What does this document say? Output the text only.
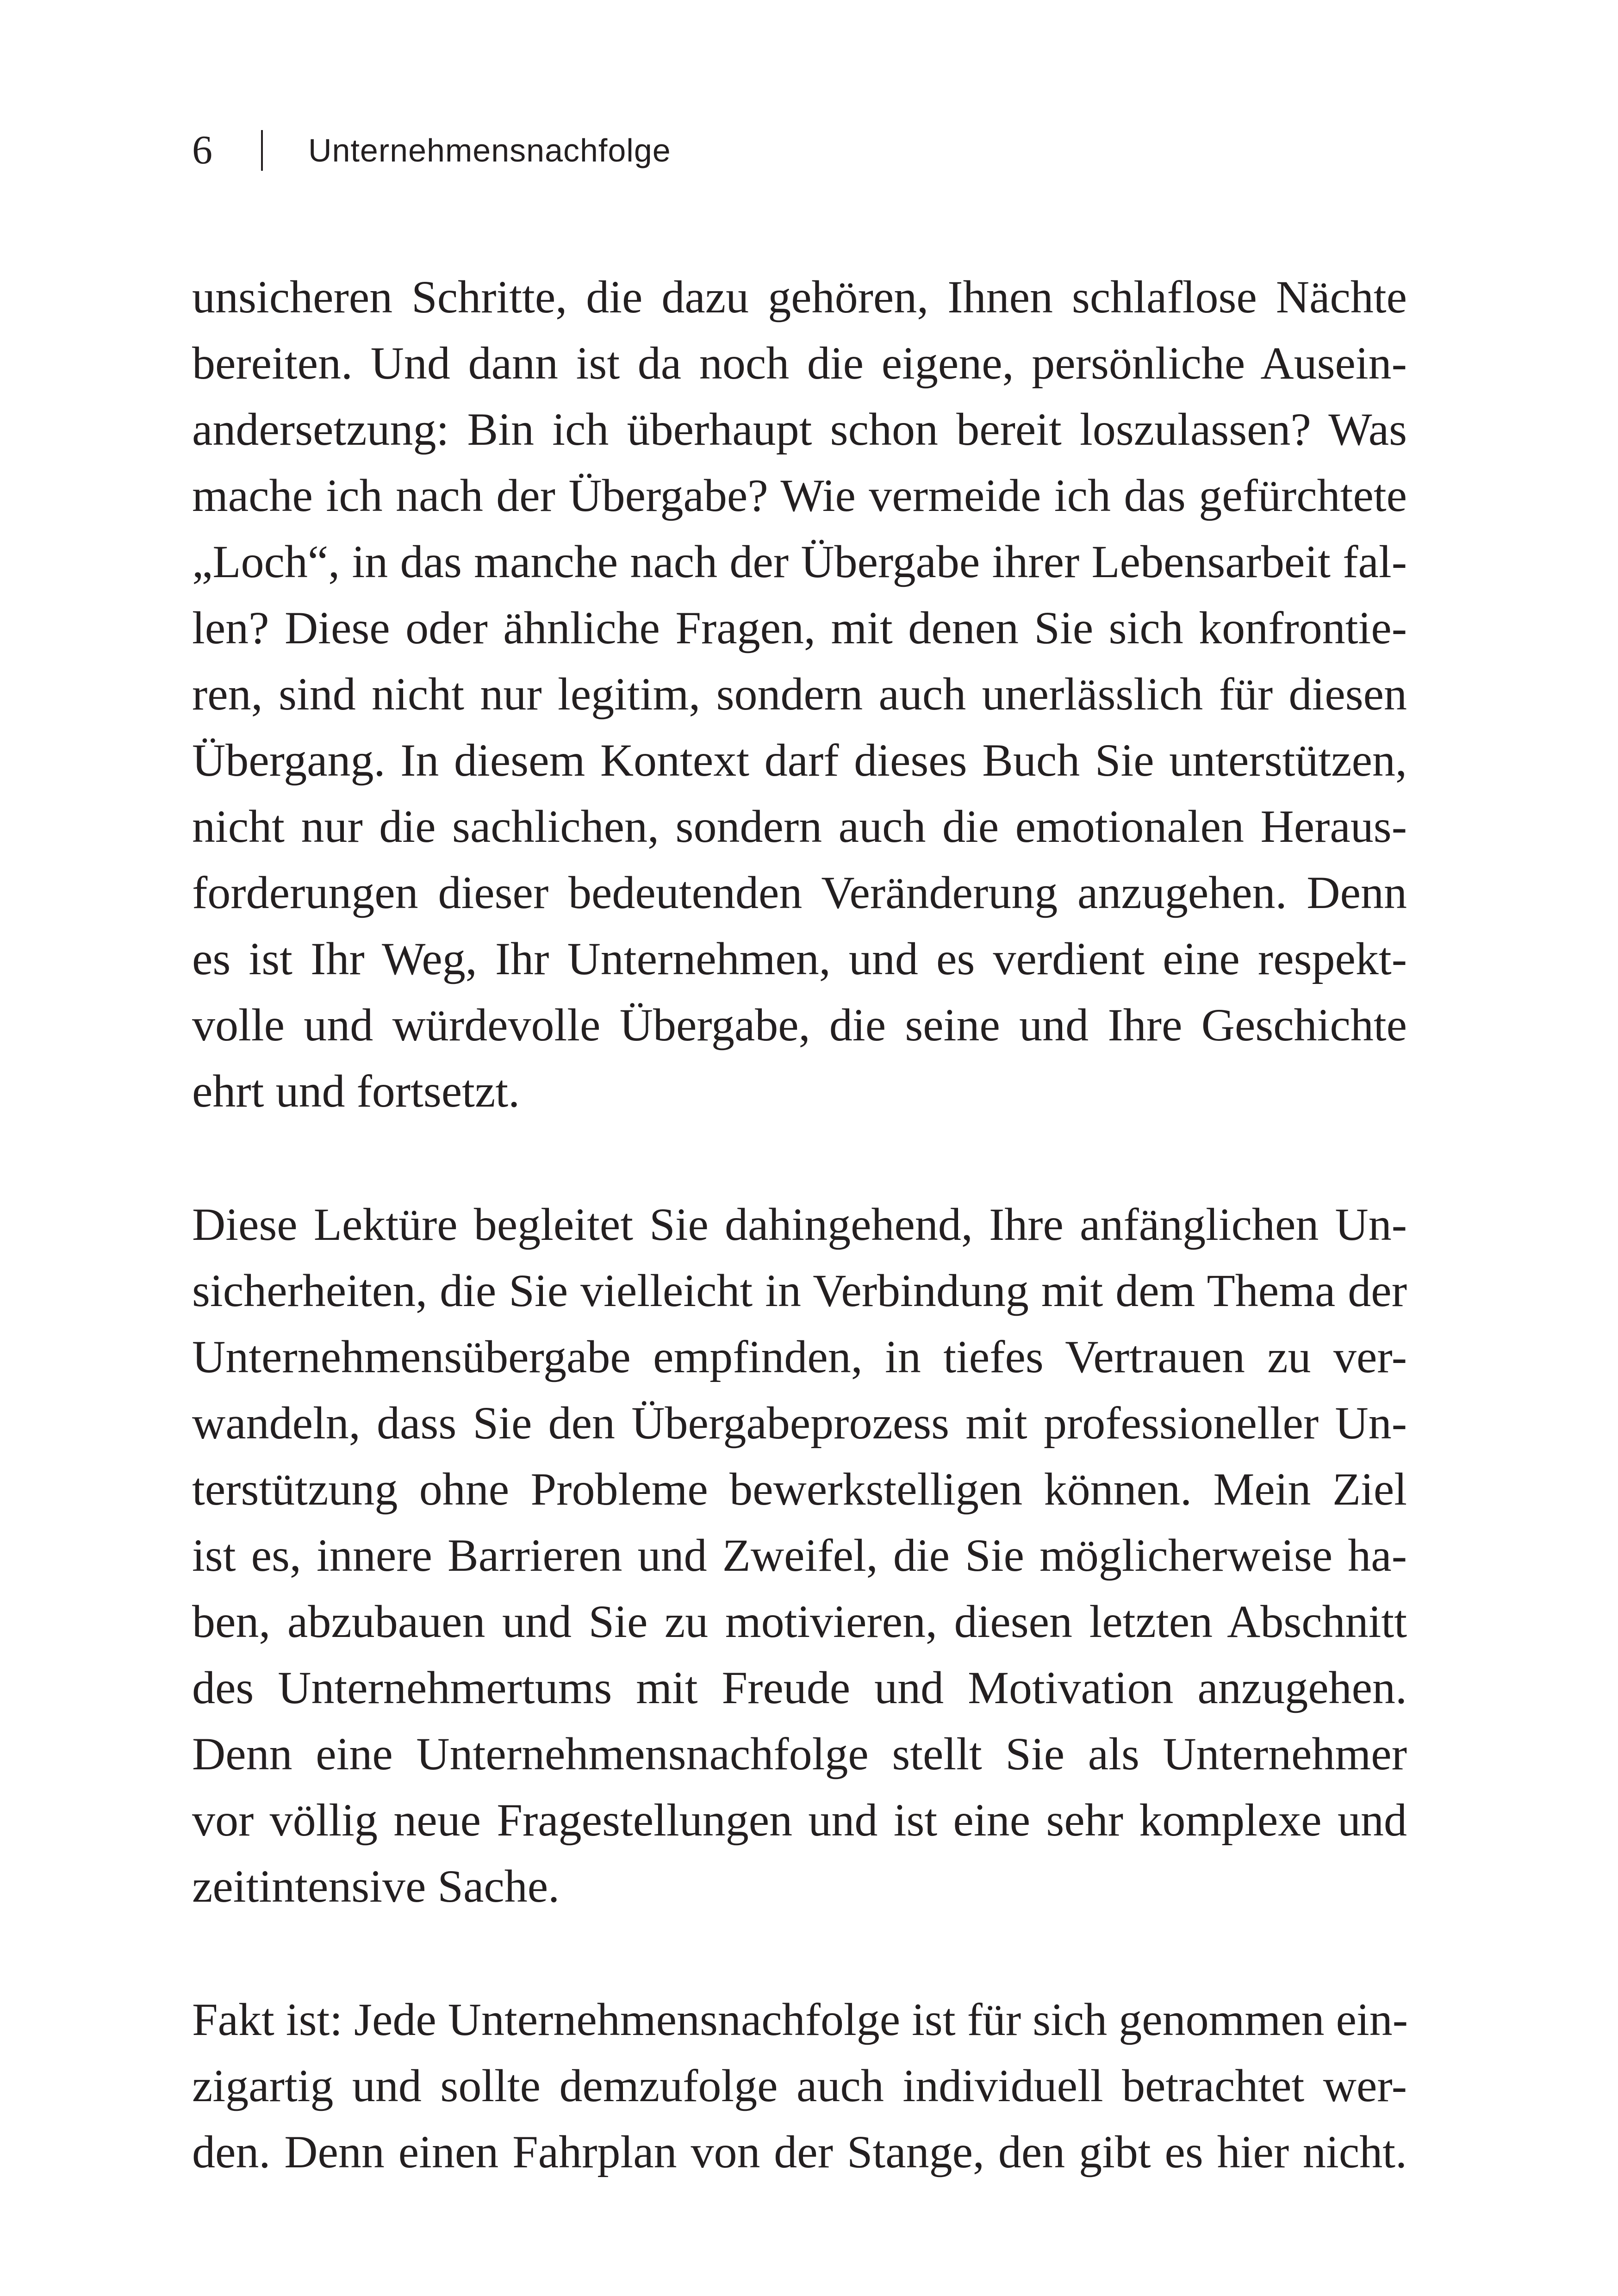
6	Unternehmensnachfolge
unsicheren Schritte, die dazu gehören, Ihnen schlaflose Nächte
bereiten. Und dann ist da noch die eigene, persönliche Ausein-
andersetzung: Bin ich überhaupt schon bereit loszulassen? Was
mache ich nach der Übergabe? Wie vermeide ich das gefürchtete
„Loch“, in das manche nach der Übergabe ihrer Lebensarbeit fal-
len? Diese oder ähnliche Fragen, mit denen Sie sich konfrontie-
ren, sind nicht nur legitim, sondern auch unerlässlich für diesen
Übergang. In diesem Kontext darf dieses Buch Sie unterstützen,
nicht nur die sachlichen, sondern auch die emotionalen Heraus-
forderungen dieser bedeutenden Veränderung anzugehen. Denn
es ist Ihr Weg, Ihr Unternehmen, und es verdient eine respekt-
volle und würdevolle Übergabe, die seine und Ihre Geschichte
ehrt und fortsetzt.
Diese Lektüre begleitet Sie dahingehend, Ihre anfänglichen Un-
sicherheiten, die Sie vielleicht in Verbindung mit dem Thema der
Unternehmensübergabe empfinden, in tiefes Vertrauen zu ver-
wandeln, dass Sie den Übergabeprozess mit professioneller Un-
terstützung ohne Probleme bewerkstelligen können. Mein Ziel
ist es, innere Barrieren und Zweifel, die Sie möglicherweise ha-
ben, abzubauen und Sie zu motivieren, diesen letzten Abschnitt
des Unternehmertums mit Freude und Motivation anzugehen.
Denn eine Unternehmensnachfolge stellt Sie als Unternehmer
vor völlig neue Fragestellungen und ist eine sehr komplexe und
zeitintensive Sache.
Fakt ist: Jede Unternehmensnachfolge ist für sich genommen ein-
zigartig und sollte demzufolge auch individuell betrachtet wer-
den. Denn einen Fahrplan von der Stange, den gibt es hier nicht.
